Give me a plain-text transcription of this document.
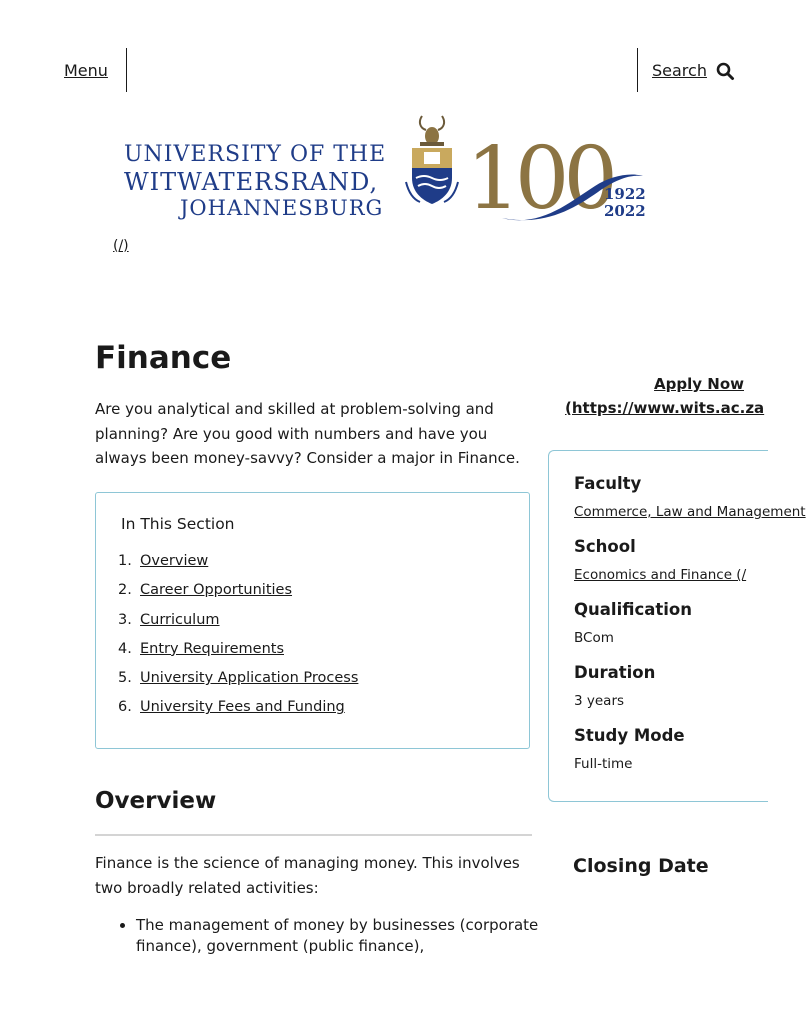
Menu	Search
UNIVERSITY OF THE
WITWATERSRAND,
JOHANNESBURG 100
1922
2022
(/)
Finance

Are you analytical and skilled at problem-solving and planning? Are you good with numbers and have you always been money-savvy? Consider a major in Finance.

In This Section
1. Overview
2. Career Opportunities
3. Curriculum
4. Entry Requirements
5. University Application Process
6. University Fees and Funding
Overview

Finance is the science of managing money. This involves two broadly related activities:

• The management of money by businesses (corporate finance), government (public finance),
Apply Now
(https://www.wits.ac.za

Faculty

Commerce, Law and Management

School

Economics and Finance (/

Qualification

BCom

Duration

3 years

Study Mode

Full-time

Closing Date
